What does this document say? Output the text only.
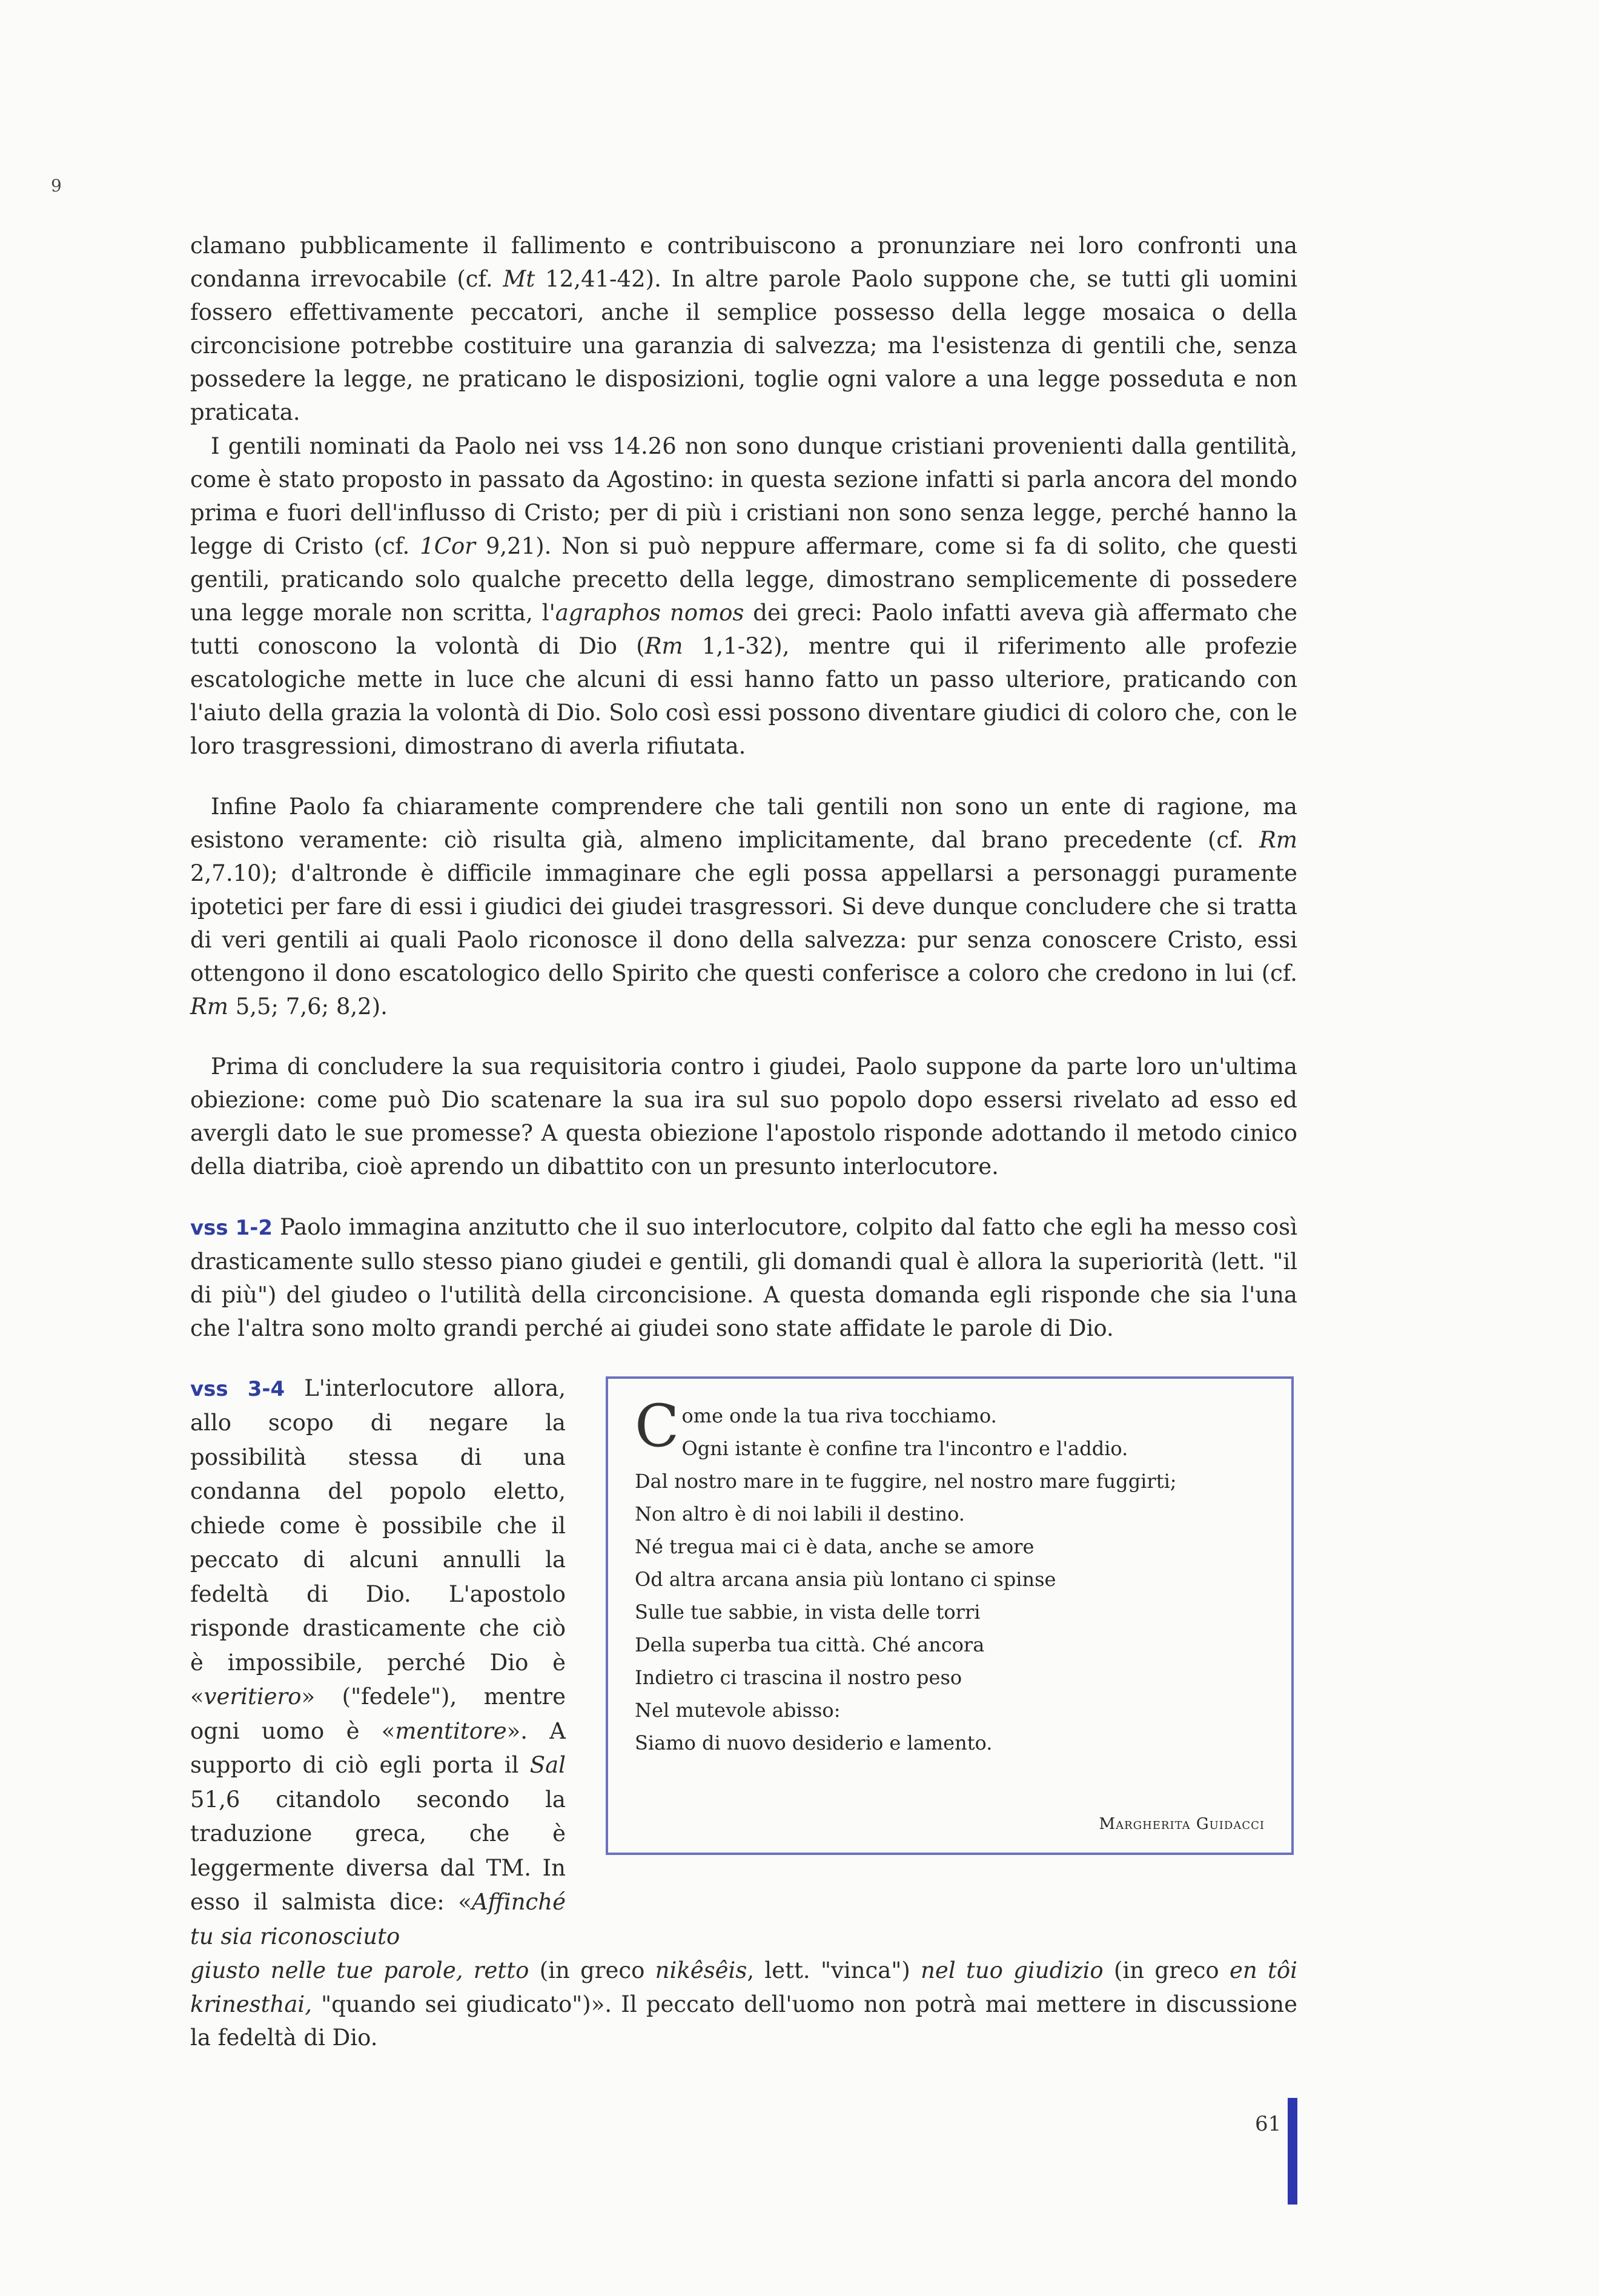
9

clamano pubblicamente il fallimento e contribuiscono a pronunziare nei loro confronti una condanna irrevocabile (cf. Mt 12,41-42). In altre parole Paolo suppone che, se tutti gli uomini fossero effettivamente peccatori, anche il semplice possesso della legge mosaica o della circoncisione potrebbe costituire una garanzia di salvezza; ma l'esistenza di gentili che, senza possedere la legge, ne praticano le disposizioni, toglie ogni valore a una legge posseduta e non praticata.

I gentili nominati da Paolo nei vss 14.26 non sono dunque cristiani provenienti dalla gentilità, come è stato proposto in passato da Agostino: in questa sezione infatti si parla ancora del mondo prima e fuori dell'influsso di Cristo; per di più i cristiani non sono senza legge, perché hanno la legge di Cristo (cf. 1Cor 9,21). Non si può neppure affermare, come si fa di solito, che questi gentili, praticando solo qualche precetto della legge, dimostrano semplicemente di possedere una legge morale non scritta, l'agraphos nomos dei greci: Paolo infatti aveva già affermato che tutti conoscono la volontà di Dio (Rm 1,1-32), mentre qui il riferimento alle profezie escatologiche mette in luce che alcuni di essi hanno fatto un passo ulteriore, praticando con l'aiuto della grazia la volontà di Dio. Solo così essi possono diventare giudici di coloro che, con le loro trasgressioni, dimostrano di averla rifiutata.

Infine Paolo fa chiaramente comprendere che tali gentili non sono un ente di ragione, ma esistono veramente: ciò risulta già, almeno implicitamente, dal brano precedente (cf. Rm 2,7.10); d'altronde è difficile immaginare che egli possa appellarsi a personaggi puramente ipotetici per fare di essi i giudici dei giudei trasgressori. Si deve dunque concludere che si tratta di veri gentili ai quali Paolo riconosce il dono della salvezza: pur senza conoscere Cristo, essi ottengono il dono escatologico dello Spirito che questi conferisce a coloro che credono in lui (cf. Rm 5,5; 7,6; 8,2).

Prima di concludere la sua requisitoria contro i giudei, Paolo suppone da parte loro un'ultima obiezione: come può Dio scatenare la sua ira sul suo popolo dopo essersi rivelato ad esso ed avergli dato le sue promesse? A questa obiezione l'apostolo risponde adottando il metodo cinico della diatriba, cioè aprendo un dibattito con un presunto interlocutore.

vss 1-2 Paolo immagina anzitutto che il suo interlocutore, colpito dal fatto che egli ha messo così drasticamente sullo stesso piano giudei e gentili, gli domandi qual è allora la superiorità (lett. "il di più") del giudeo o l'utilità della circoncisione. A questa domanda egli risponde che sia l'una che l'altra sono molto grandi perché ai giudei sono state affidate le parole di Dio.

vss 3-4 L'interlocutore allora, allo scopo di negare la possibilità stessa di una condanna del popolo eletto, chiede come è possibile che il peccato di alcuni annulli la fedeltà di Dio. L'apostolo risponde drasticamente che ciò è impossibile, perché Dio è «veritiero» ("fedele"), mentre ogni uomo è «mentitore». A supporto di ciò egli porta il Sal 51,6 citandolo secondo la traduzione greca, che è leggermente diversa dal TM. In esso il salmista dice: «Affinché tu sia riconosciuto

C ome onde la tua riva tocchiamo.
Ogni istante è confine tra l'incontro e l'addio.
Dal nostro mare in te fuggire, nel nostro mare fuggirti;
Non altro è di noi labili il destino.
Né tregua mai ci è data, anche se amore
Od altra arcana ansia più lontano ci spinse
Sulle tue sabbie, in vista delle torri
Della superba tua città. Ché ancora
Indietro ci trascina il nostro peso
Nel mutevole abisso:
Siamo di nuovo desiderio e lamento.
Margherita Guidacci

giusto nelle tue parole, retto (in greco nikêsêis, lett. "vinca") nel tuo giudizio (in greco en tôi krinesthai, "quando sei giudicato")». Il peccato dell'uomo non potrà mai mettere in discussione la fedeltà di Dio.

61
